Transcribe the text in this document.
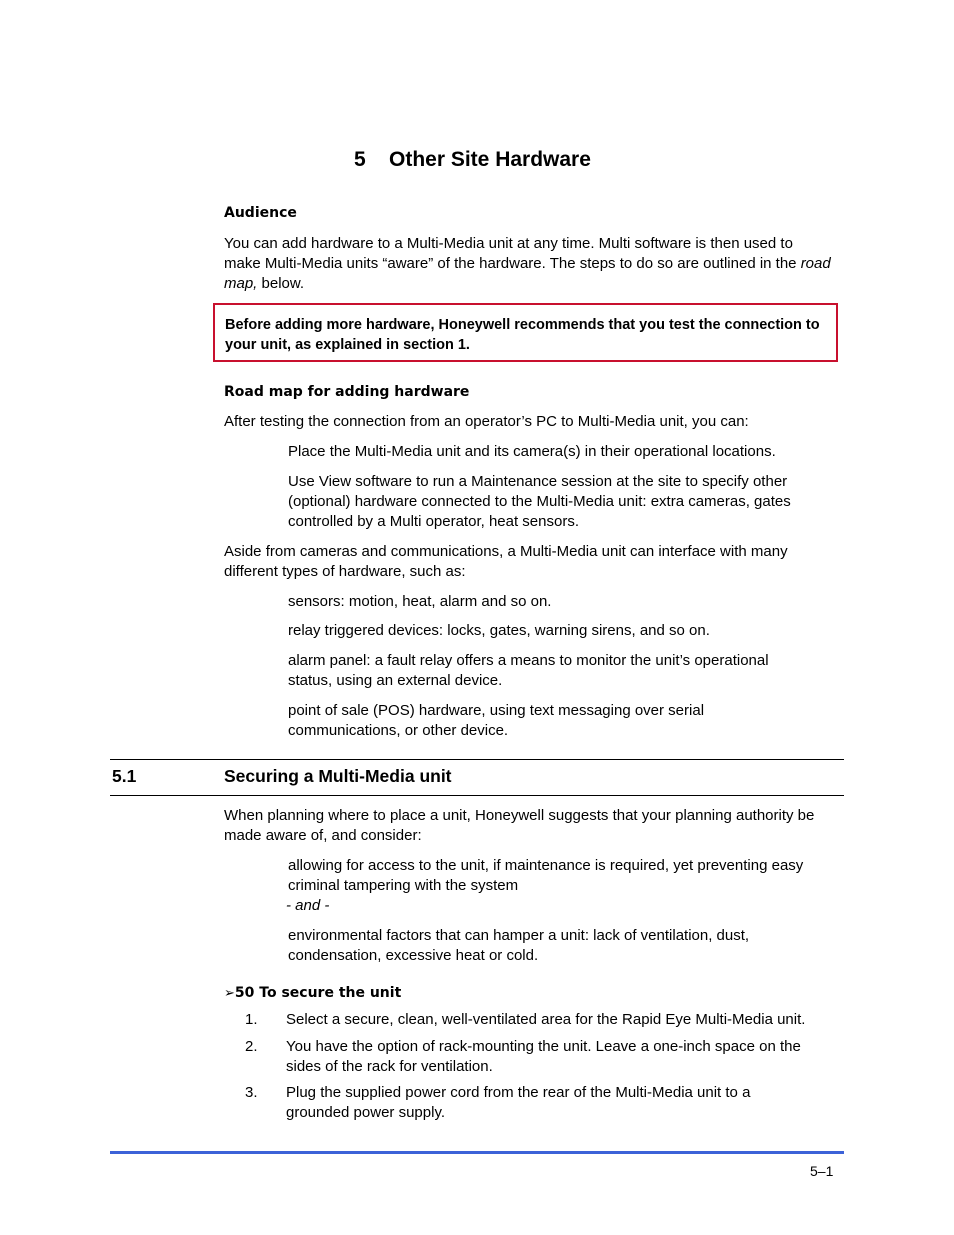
5 Other Site Hardware
Audience

You can add hardware to a Multi-Media unit at any time. Multi software is then used to make Multi-Media units “aware” of the hardware. The steps to do so are outlined in the road map, below.

Before adding more hardware, Honeywell recommends that you test the connection to your unit, as explained in section 1.

Road map for adding hardware

After testing the connection from an operator’s PC to Multi-Media unit, you can:

Place the Multi-Media unit and its camera(s) in their operational locations.

Use View software to run a Maintenance session at the site to specify other (optional) hardware connected to the Multi-Media unit: extra cameras, gates controlled by a Multi operator, heat sensors.

Aside from cameras and communications, a Multi-Media unit can interface with many different types of hardware, such as:

sensors: motion, heat, alarm and so on.

relay triggered devices: locks, gates, warning sirens, and so on.

alarm panel: a fault relay offers a means to monitor the unit’s operational status, using an external device.

point of sale (POS) hardware, using text messaging over serial communications, or other device.

5.1	Securing a Multi-Media unit

When planning where to place a unit, Honeywell suggests that your planning authority be made aware of, and consider:

allowing for access to the unit, if maintenance is required, yet preventing easy criminal tampering with the system

- and -

environmental factors that can hamper a unit: lack of ventilation, dust, condensation, excessive heat or cold.

➢50 To secure the unit
1. Select a secure, clean, well-ventilated area for the Rapid Eye Multi-Media unit.

2. You have the option of rack-mounting the unit. Leave a one-inch space on the sides of the rack for ventilation.

3. Plug the supplied power cord from the rear of the Multi-Media unit to a grounded power supply.

5–1
